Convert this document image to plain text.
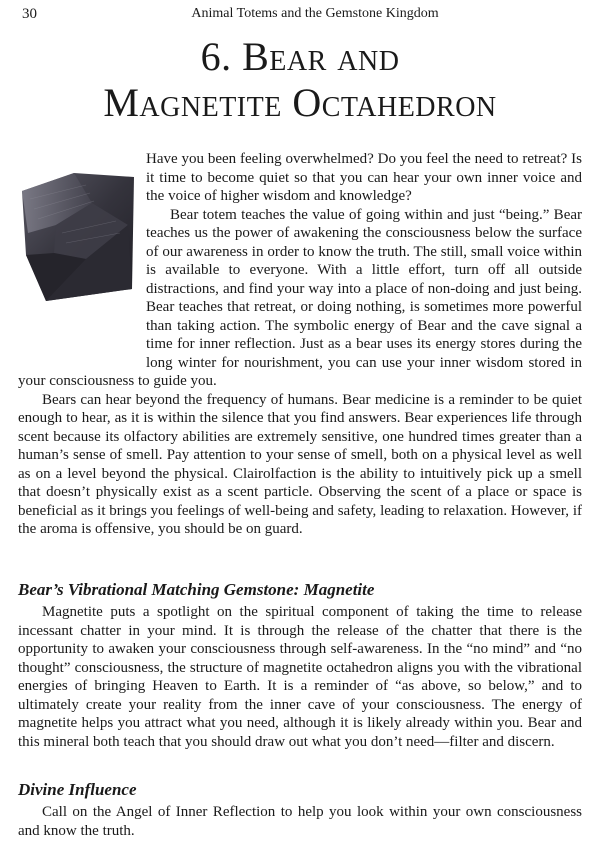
30	Animal Totems and the Gemstone Kingdom
6. Bear and
Magnetite Octahedron

Have you been feeling overwhelmed? Do you feel the need to retreat? Is it time to become quiet so that you can hear your own inner voice and the voice of higher wisdom and knowledge?

Bear totem teaches the value of going within and just “being.” Bear teaches us the power of awakening the consciousness below the surface of our awareness in order to know the truth. The still, small voice within is available to everyone. With a little effort, turn off all outside distractions, and find your way into a place of non-doing and just being. Bear teaches that retreat, or doing nothing, is sometimes more powerful than taking action. The symbolic energy of Bear and the cave signal a time for inner reflection. Just as a bear uses its energy stores during the long winter for nourishment, you can use your inner wisdom stored in your consciousness to guide you.

Bears can hear beyond the frequency of humans. Bear medicine is a reminder to be quiet enough to hear, as it is within the silence that you find answers. Bear experiences life through scent because its olfactory abilities are extremely sensitive, one hundred times greater than a human’s sense of smell. Pay attention to your sense of smell, both on a physical level as well as on a level beyond the physical. Clairolfaction is the ability to intuitively pick up a smell that doesn’t physically exist as a scent particle. Observing the scent of a place or space is beneficial as it brings you feelings of well-being and safety, leading to relaxation. However, if the aroma is offensive, you should be on guard.

Bear’s Vibrational Matching Gemstone: Magnetite

Magnetite puts a spotlight on the spiritual component of taking the time to release incessant chatter in your mind. It is through the release of the chatter that there is the opportunity to awaken your consciousness through self-awareness. In the “no mind” and “no thought” consciousness, the structure of magnetite octahedron aligns you with the vibrational energies of bringing Heaven to Earth. It is a reminder of “as above, so below,” and to ultimately create your reality from the inner cave of your consciousness. The energy of magnetite helps you attract what you need, although it is likely already within you. Bear and this mineral both teach that you should draw out what you don’t need—filter and discern.

Divine Influence

Call on the Angel of Inner Reflection to help you look within your own consciousness and know the truth.
